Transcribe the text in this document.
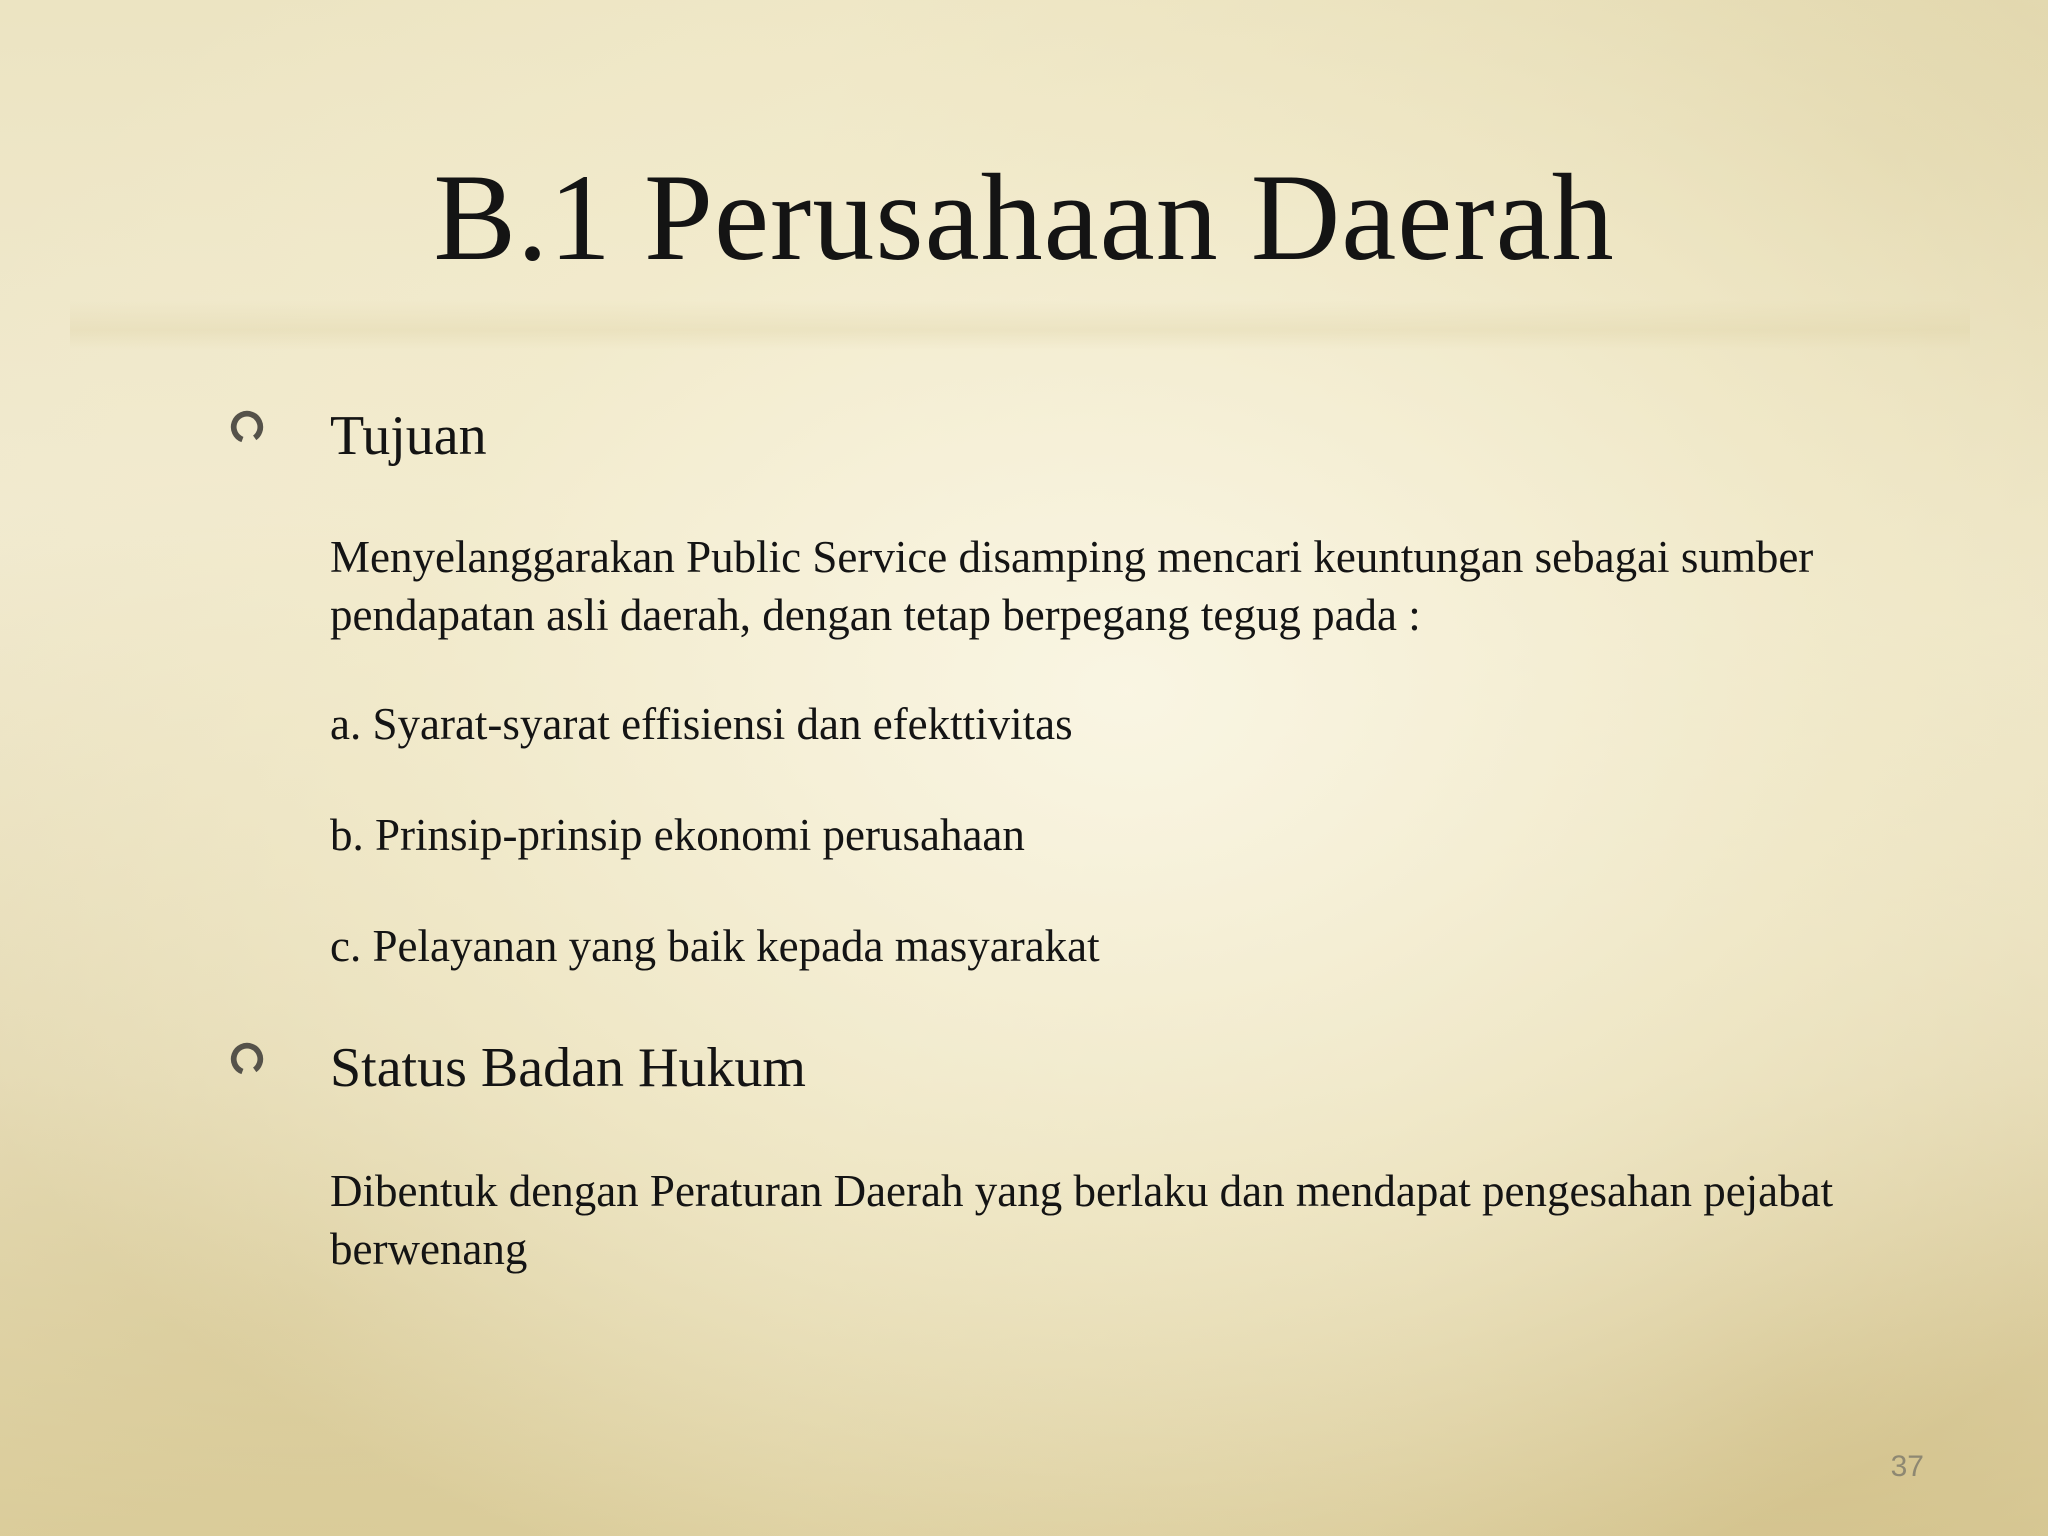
B.1 Perusahaan Daerah
Tujuan

Menyelanggarakan Public Service disamping mencari keuntungan sebagai sumber pendapatan asli daerah, dengan tetap berpegang tegug pada :

a. Syarat-syarat effisiensi dan efekttivitas

b. Prinsip-prinsip ekonomi perusahaan

c. Pelayanan yang baik kepada masyarakat

Status Badan Hukum

Dibentuk dengan Peraturan Daerah yang berlaku dan mendapat pengesahan pejabat berwenang

37
